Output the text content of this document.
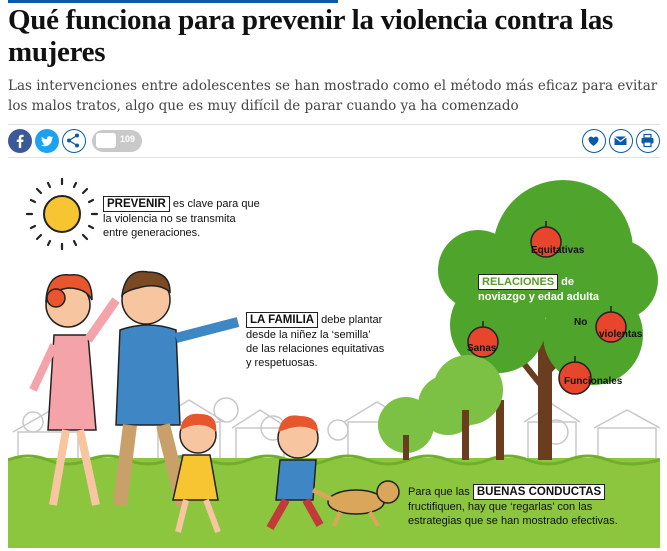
Qué funciona para prevenir la violencia contra las mujeres

Las intervenciones entre adolescentes se han mostrado como el método más eficaz para evitar los malos tratos, algo que es muy difícil de parar cuando ya ha comenzado

109
PREVENIR es clave para que
la violencia no se transmita
entre generaciones.
LA FAMILIA debe plantar
desde la niñez la ‘semilla’
de las relaciones equitativas
y respetuosas.
RELACIONES de
noviazgo y edad adulta
Equitativas
Sanas
No
violentas
Funcionales
Para que las BUENAS CONDUCTAS
fructifiquen, hay que ‘regarlas’ con las
estrategias que se han mostrado efectivas.
